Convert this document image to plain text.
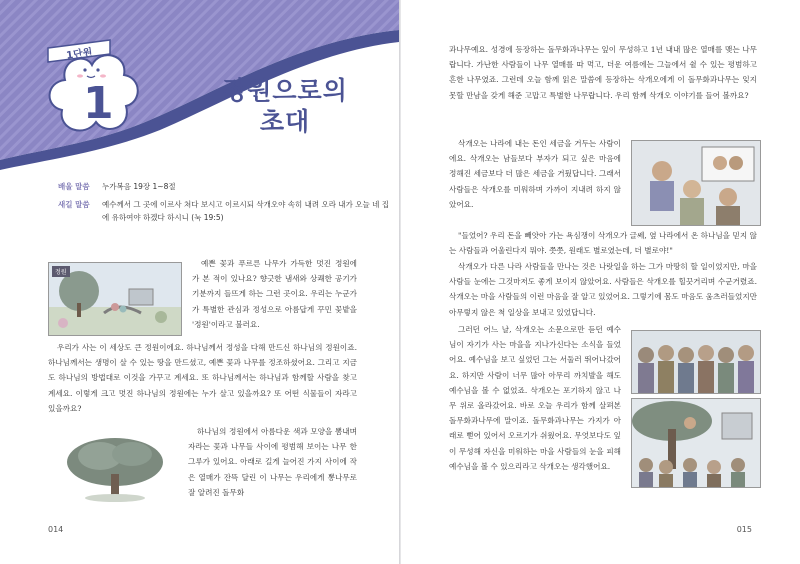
1단원
1	정원으로의
초대
배울 말씀	누가복음 19장 1~8절
새길 말씀	예수께서 그 곳에 이르사 쳐다 보시고 이르시되 삭개오야 속히 내려 오라 내가 오늘 네 집에 유하여야 하겠다 하시니 (눅 19:5)
정원

예쁜 꽃과 푸르른 나무가 가득한 멋진 정원에 가 본 적이 있나요? 향긋한 냄새와 상쾌한 공기가 기분까지 들뜨게 하는 그런 곳이요. 우리는 누군가가 특별한 관심과 정성으로 아름답게 꾸민 꽃밭을 '정원'이라고 불러요.

우리가 사는 이 세상도 큰 정원이에요. 하나님께서 정성을 다해 만드신 하나님의 정원이죠. 하나님께서는 생명이 살 수 있는 땅을 만드셨고, 예쁜 꽃과 나무를 정조하셨어요. 그리고 지금도 하나님의 방법대로 이것을 가꾸고 계세요. 또 하나님께서는 하나님과 함께할 사람을 찾고 계세요. 이렇게 크고 멋진 하나님의 정원에는 누가 살고 있을까요? 또 어떤 식물들이 자라고 있을까요?

하나님의 정원에서 아름다운 색과 모양을 뽐내며 자라는 꽃과 나무들 사이에 평범해 보이는 나무 한 그루가 있어요. 아래로 길게 늘어진 가지 사이에 작은 열매가 잔뜩 달린 이 나무는 우리에게 뽕나무로 잘 알려진 돌무화

014

과나무예요. 성경에 등장하는 돌무화과나무는 잎이 무성하고 1년 내내 많은 열매를 맺는 나무랍니다. 가난한 사람들이 나무 열매를 따 먹고, 더운 여름에는 그늘에서 쉴 수 있는 평범하고 흔한 나무였죠. 그런데 오늘 함께 읽은 말씀에 등장하는 삭개오에게 이 돌무화과나무는 잊지 못할 만남을 갖게 해준 고맙고 특별한 나무랍니다. 우리 함께 삭개오 이야기를 들어 볼까요?

삭개오는 나라에 내는 돈인 세금을 거두는 사람이에요. 삭개오는 남들보다 부자가 되고 싶은 마음에 정해진 세금보다 더 많은 세금을 거뒀답니다. 그래서 사람들은 삭개오를 미워하며 가까이 지내려 하지 않았어요.

"들었어? 우리 돈을 빼앗아 가는 욕심쟁이 삭개오가 글쎄, 옆 나라에서 온 하나님을 믿지 않는 사람들과 어울린다지 뭐야. 쯧쯧, 원래도 별로였는데, 더 별로야!"

삭개오가 다른 나라 사람들을 만나는 것은 나랏일을 하는 그가 마땅히 할 일이었지만, 마을 사람들 눈에는 그것마저도 좋게 보이지 않았어요. 사람들은 삭개오를 힐끗거리며 수군거렸죠. 삭개오는 마을 사람들의 이런 마음을 잘 알고 있었어요. 그렇기에 몸도 마음도 움츠러들었지만 아무렇지 않은 척 일상을 보내고 있었답니다.

그러던 어느 날, 삭개오는 소문으로만 듣던 예수님이 자기가 사는 마을을 지나가신다는 소식을 들었어요. 예수님을 보고 싶었던 그는 서둘러 뛰어나갔어요. 하지만 사람이 너무 많아 아무리 까치발을 해도 예수님을 볼 수 없었죠. 삭개오는 포기하지 않고 나무 위로 올라갔어요. 바로 오늘 우리가 함께 살펴본 돌무화과나무에 말이죠. 돌무화과나무는 가지가 아래로 뻗어 있어서 오르기가 쉬웠어요. 무엇보다도 잎이 무성해 자신을 미워하는 마을 사람들의 눈을 피해 예수님을 볼 수 있으리라고 삭개오는 생각했어요.

015
